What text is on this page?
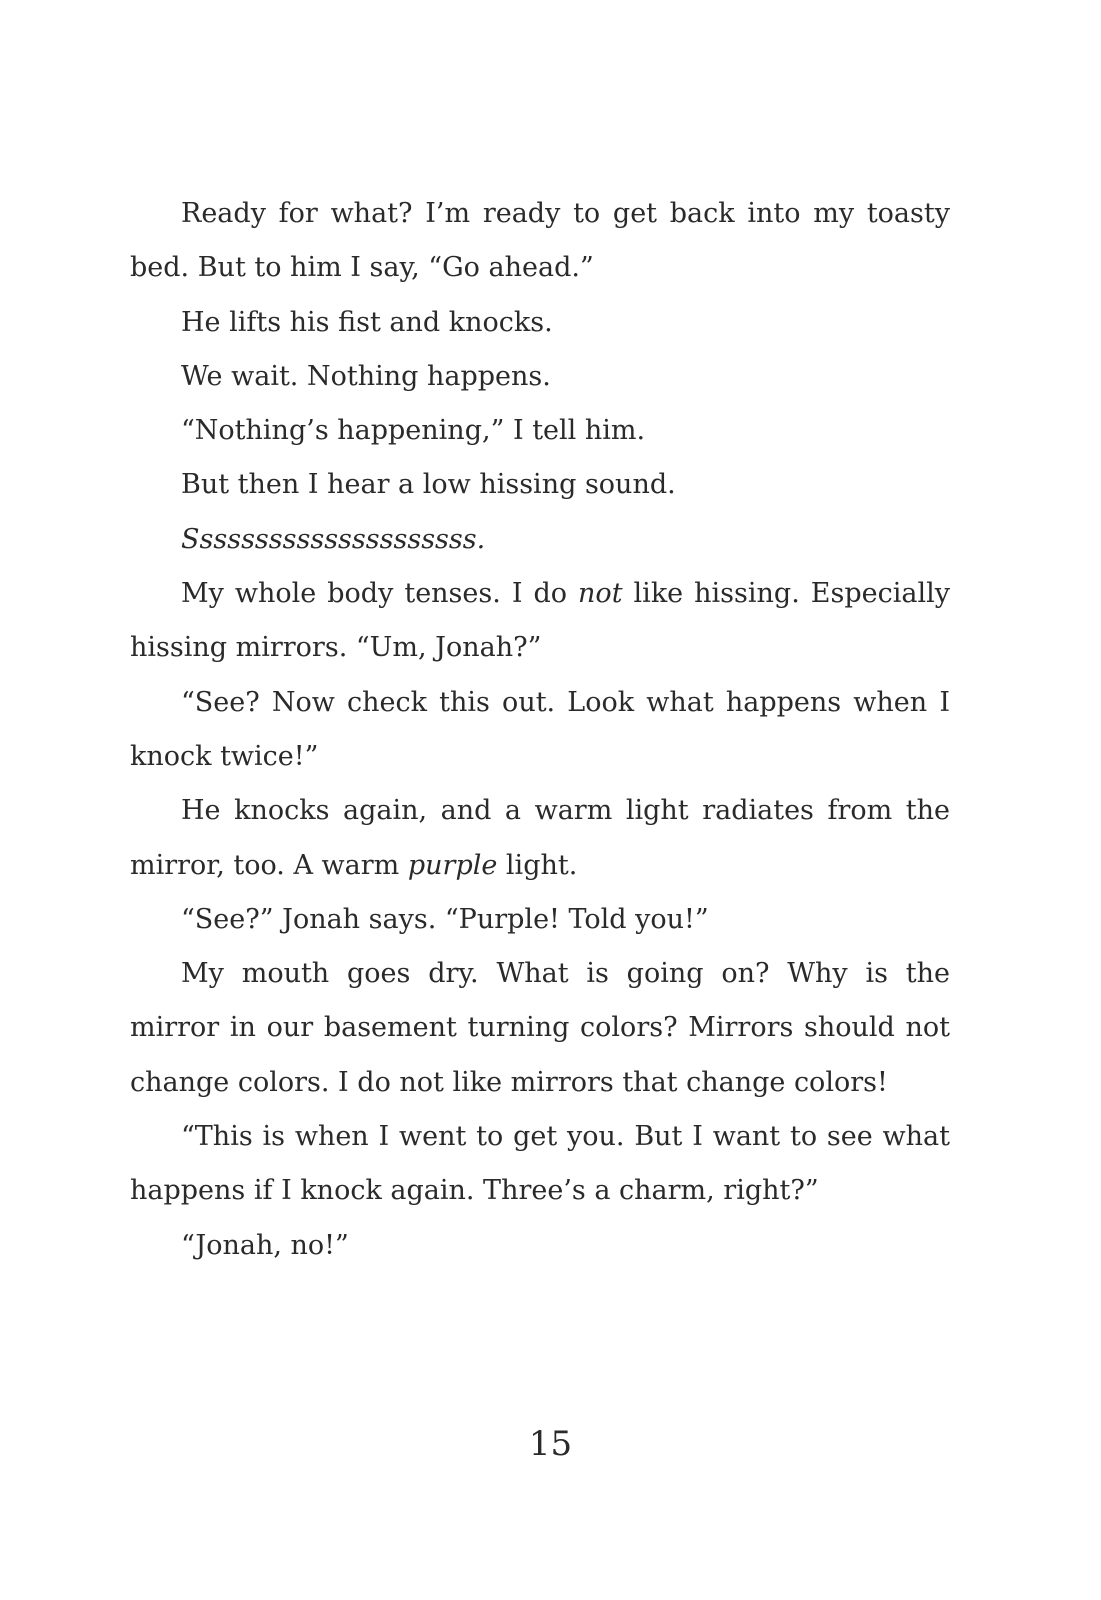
Ready for what? I’m ready to get back into my toasty bed. But to him I say, “Go ahead.”

He lifts his fist and knocks.

We wait. Nothing happens.

“Nothing’s happening,” I tell him.

But then I hear a low hissing sound.

Sssssssssssssssssssss.

My whole body tenses. I do not like hissing. Especially hissing mirrors. “Um, Jonah?”

“See? Now check this out. Look what happens when I knock twice!”

He knocks again, and a warm light radiates from the mirror, too. A warm purple light.

“See?” Jonah says. “Purple! Told you!”

My mouth goes dry. What is going on? Why is the mirror in our basement turning colors? Mirrors should not change colors. I do not like mirrors that change colors!

“This is when I went to get you. But I want to see what happens if I knock again. Three’s a charm, right?”

“Jonah, no!”

15
